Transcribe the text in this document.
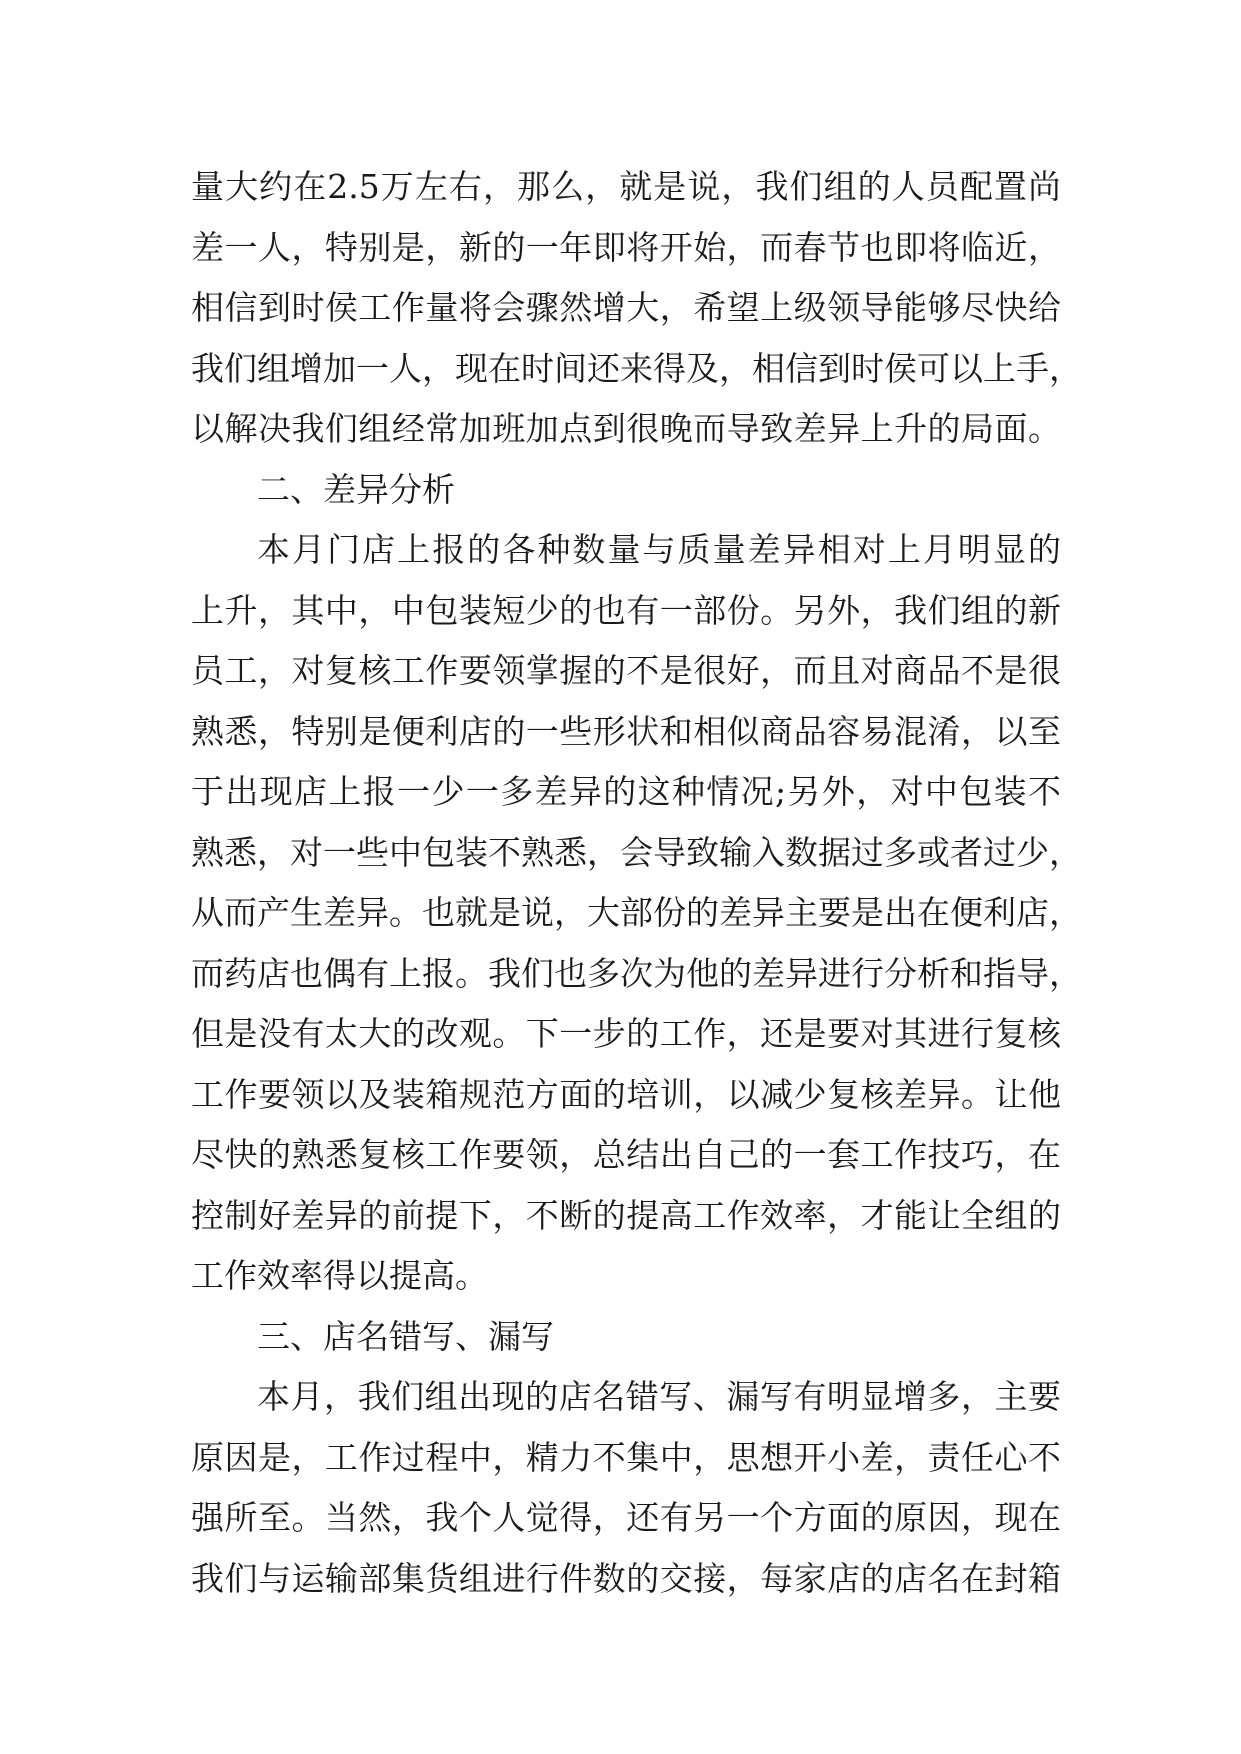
量大约在2.5万左右，那么，就是说，我们组的人员配置尚
差一人，特别是，新的一年即将开始，而春节也即将临近，
相信到时侯工作量将会骤然增大，希望上级领导能够尽快给
我们组增加一人，现在时间还来得及，相信到时侯可以上手，
以解决我们组经常加班加点到很晚而导致差异上升的局面。
二、差异分析
本月门店上报的各种数量与质量差异相对上月明显的
上升，其中，中包装短少的也有一部份。另外，我们组的新
员工，对复核工作要领掌握的不是很好，而且对商品不是很
熟悉，特别是便利店的一些形状和相似商品容易混淆，以至
于出现店上报一少一多差异的这种情况;另外，对中包装不
熟悉，对一些中包装不熟悉，会导致输入数据过多或者过少，
从而产生差异。也就是说，大部份的差异主要是出在便利店，
而药店也偶有上报。我们也多次为他的差异进行分析和指导，
但是没有太大的改观。下一步的工作，还是要对其进行复核
工作要领以及装箱规范方面的培训，以减少复核差异。让他
尽快的熟悉复核工作要领，总结出自己的一套工作技巧，在
控制好差异的前提下，不断的提高工作效率，才能让全组的
工作效率得以提高。
三、店名错写、漏写
本月，我们组出现的店名错写、漏写有明显增多，主要
原因是，工作过程中，精力不集中，思想开小差，责任心不
强所至。当然，我个人觉得，还有另一个方面的原因，现在
我们与运输部集货组进行件数的交接，每家店的店名在封箱
